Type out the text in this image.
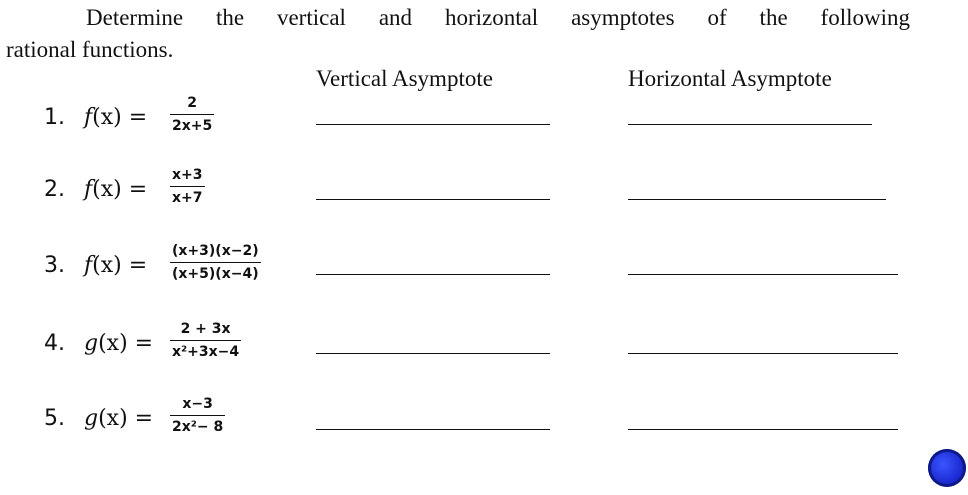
Determine the vertical and horizontal asymptotes of the following
rational functions.
Vertical Asymptote	Horizontal Asymptote
1. f(x) =
2
2x+5
2. f(x) =
x+3
x+7
3. f(x) =
(x+3)(x−2)
(x+5)(x−4)
4. g(x) =
2 + 3x
x²+3x−4
5. g(x) =
x−3
2x²− 8
